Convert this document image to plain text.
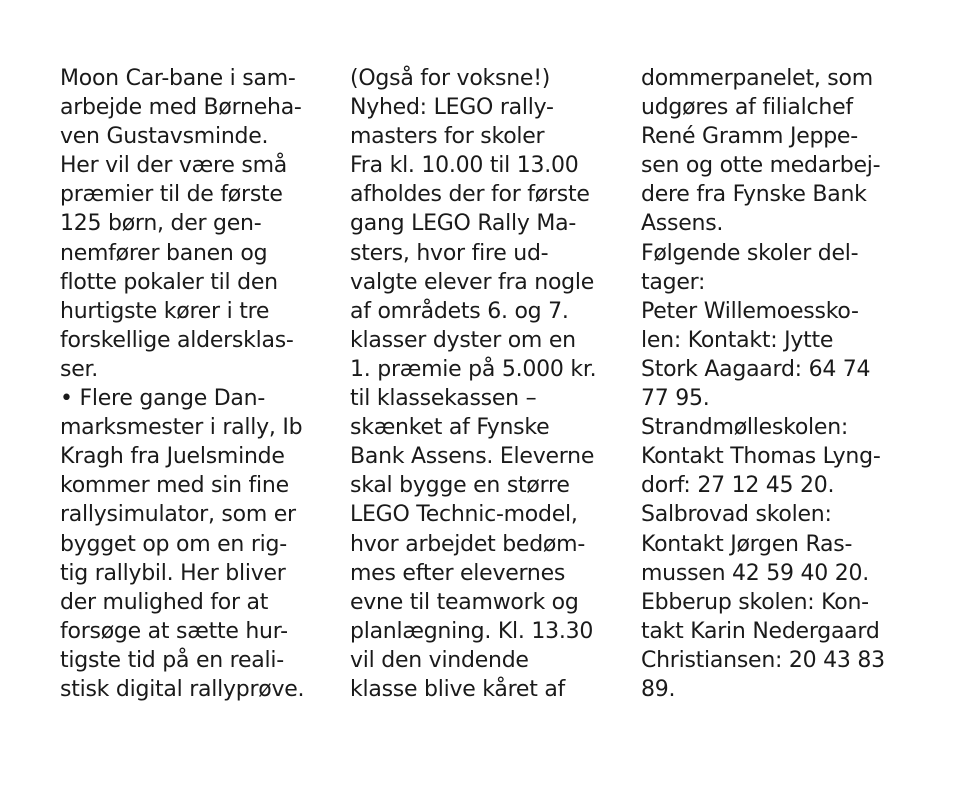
Moon Car-bane i sam-
arbejde med Børneha-
ven Gustavsminde.
Her vil der være små
præmier til de første
125 børn, der gen-
nemfører banen og
flotte pokaler til den
hurtigste kører i tre
forskellige aldersklas-
ser.
• Flere gange Dan-
marksmester i rally, Ib
Kragh fra Juelsminde
kommer med sin fine
rallysimulator, som er
bygget op om en rig-
tig rallybil. Her bliver
der mulighed for at
forsøge at sætte hur-
tigste tid på en reali-
stisk digital rallyprøve.
(Også for voksne!)
Nyhed: LEGO rally-
masters for skoler
Fra kl. 10.00 til 13.00
afholdes der for første
gang LEGO Rally Ma-
sters, hvor fire ud-
valgte elever fra nogle
af områdets 6. og 7.
klasser dyster om en
1. præmie på 5.000 kr.
til klassekassen –
skænket af Fynske
Bank Assens. Eleverne
skal bygge en større
LEGO Technic-model,
hvor arbejdet bedøm-
mes efter elevernes
evne til teamwork og
planlægning. Kl. 13.30
vil den vindende
klasse blive kåret af
dommerpanelet, som
udgøres af filialchef
René Gramm Jeppe-
sen og otte medarbej-
dere fra Fynske Bank
Assens.
Følgende skoler del-
tager:
Peter Willemoessko-
len: Kontakt: Jytte
Stork Aagaard: 64 74
77 95.
Strandmølleskolen:
Kontakt Thomas Lyng-
dorf: 27 12 45 20.
Salbrovad skolen:
Kontakt Jørgen Ras-
mussen 42 59 40 20.
Ebberup skolen: Kon-
takt Karin Nedergaard
Christiansen: 20 43 83
89.
